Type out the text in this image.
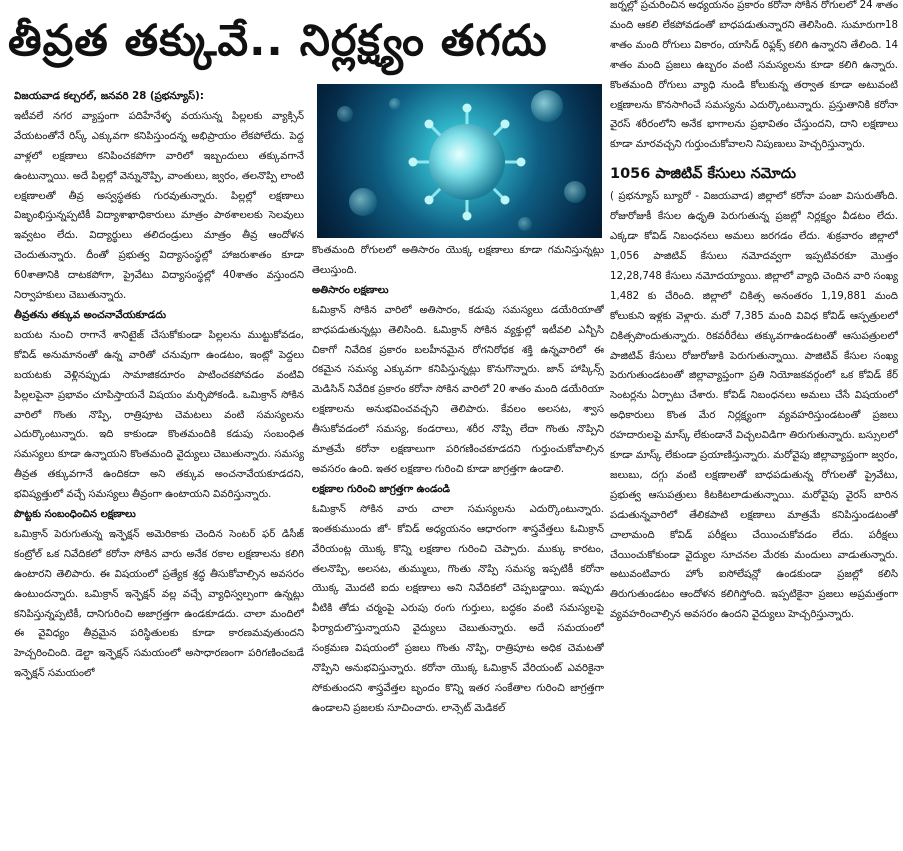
తీవ్రత తక్కువే.. నిర్లక్ష్యం తగదు

విజయవాడ కల్చరల్, జనవరి 28 (ప్రభన్యూస్):

ఇటీవలే నగర వ్యాప్తంగా పదిహేనేళ్ళ వయసున్న పిల్లలకు వ్యాక్సిన్ వేయటంతోనే రిస్క్ ఎక్కువగా కనిపిస్తుందన్న అభిప్రాయం లేకపోలేదు. పెద్ద వాళ్లలో లక్షణాలు కనిపించకపోగా వారిలో ఇబ్బందులు తక్కువగానే ఉంటున్నాయి. అదే పిల్లల్లో వెన్నునొప్పి, వాంతులు, జ్వరం, తలనొప్పి లాంటి లక్షణాలతో తీవ్ర అస్వస్థతకు గురవుతున్నారు. పిల్లల్లో లక్షణాలు విజృంభిస్తున్నప్పటికీ విద్యాశాఖాధికారులు మాత్రం పాఠశాలలకు సెలవులు ఇవ్వటం లేదు. విద్యార్థులు తలిదండ్రులు మాత్రం తీవ్ర ఆందోళన చెందుతున్నారు. దీంతో ప్రభుత్వ విద్యాసంస్థల్లో హాజరుశాతం కూడా 60శాతానికి దాటకపోగా, ప్రైవేటు విద్యాసంస్థల్లో 40శాతం వస్తుందని నిర్వాహకులు చెబుతున్నారు.

తీవ్రతను తక్కువ అంచనావేయకూడదు

బయట నుంచి రాగానే శానిటైజ్ చేసుకోకుండా పిల్లలను ముట్టుకోవడం, కోవిడ్ అనుమానంతో ఉన్న వారితో చనువుగా ఉండటం, ఇంట్లో పెద్దలు బయటకు వెళ్లినప్పుడు సామాజికదూరం పాటించకపోవడం వంటివి పిల్లలపైనా ప్రభావం చూపిస్తాయనే విషయం మర్చిపోకండి. ఒమిక్రాన్ సోకిన వారిలో గొంతు నొప్పి, రాత్రిపూట చెమటలు వంటి సమస్యలను ఎదుర్కొంటున్నారు. ఇది కాకుండా కొంతమందికి కడుపు సంబంధిత సమస్యలు కూడా ఉన్నాయని కొంతమంది వైద్యులు చెబుతున్నారు. సమస్య తీవ్రత తక్కువగానే ఉందికదా అని తక్కువ అంచనావేయకూడదని, భవిష్యత్తులో వచ్చే సమస్యలు తీవ్రంగా ఉంటాయని వివరిస్తున్నారు.

పొట్టకు సంబంధించిన లక్షణాలు

ఒమిక్రాన్ పెరుగుతున్న ఇన్ఫెక్షన్ అమెరికాకు చెందిన సెంటర్ ఫర్ డిసీజ్ కంట్రోల్ ఒక నివేదికలో కరోనా సోకిన వారు అనేక రకాల లక్షణాలను కలిగి ఉంటారని తెలిపారు. ఈ విషయంలో ప్రత్యేక శ్రద్ధ తీసుకోవాల్సిన అవసరం ఉంటుందన్నారు. ఒమిక్రాన్ ఇన్ఫెక్షన్ వల్ల వచ్చే వ్యాధిస్వల్పంగా ఉన్నట్లు కనిపిస్తున్నప్పటికీ, దానిగురించి అజాగ్రత్తగా ఉండకూడదు. చాలా మందిలో ఈ వైవిధ్యం తీవ్రమైన పరిస్థితులకు కూడా కారణమవుతుందని హెచ్చరించింది. డెల్టా ఇన్ఫెక్షన్ సమయంలో అసాధారణంగా పరిగణించబడే ఇన్ఫెక్షన్ సమయంలో

కొంతమంది రోగులలో అతిసారం యొక్క లక్షణాలు కూడా గమనిస్తున్నట్లు తెలుస్తుంది.

అతిసారం లక్షణాలు

ఓమిక్రాన్ సోకిన వారిలో అతిసారం, కడుపు సమస్యలు డయేరియాతో బాధపడుతున్నట్లు తెలిసింది. ఓమిక్రాన్ సోకిన వ్యక్తుల్లో ఇటీవలి ఎన్బీసి చికాగో నివేదిక ప్రకారం బలహీనమైన రోగనిరోధక శక్తి ఉన్నవారిలో ఈ రకమైన సమస్య ఎక్కువగా కనిపిస్తున్నట్లు కొనుగొన్నారు. జాన్ హాప్కిన్స్ మెడిసిన్ నివేదిక ప్రకారం కరోనా సోకిన వారిలో 20 శాతం మంది డయేరియా లక్షణాలను అనుభవించవచ్చని తెలిపారు. కేవలం అలసట, శ్వాస తీసుకోవడంలో సమస్య, కండరాలు, శరీర నొప్పి లేదా గొంతు నొప్పిని మాత్రమే కరోనా లక్షణాలుగా పరిగణించకూడదని గుర్తుంచుకోవాల్సిన అవసరం ఉంది. ఇతర లక్షణాల గురించి కూడా జాగ్రత్తగా ఉండాలి.

లక్షణాల గురించి జాగ్రత్తగా ఉండండి

ఓమిక్రాన్ సోకిన వారు చాలా సమస్యలను ఎదుర్కొంటున్నారు. ఇంతకుముందు జో- కోవిడ్ అధ్యయనం ఆధారంగా శాస్త్రవేత్తలు ఓమిక్రాన్ వేరియంట్ల యొక్క కొన్ని లక్షణాల గురించి చెప్పారు. ముక్కు కారటం, తలనొప్పి, అలసట, తుమ్ములు, గొంతు నొప్పి సమస్య ఇప్పటికీ కరోనా యొక్క మొదటి ఐదు లక్షణాలు అని నివేదికలో చెప్పబడ్డాయి. ఇప్పుడు వీటికి తోడు చర్మంపై ఎరుపు రంగు గుర్తులు, బద్ధకం వంటి సమస్యలపై ఫిర్యాదులొస్తున్నాయని వైద్యులు చెబుతున్నారు. అదే సమయంలో సంక్రమణ విషయంలో ప్రజలు గొంతు నొప్పి, రాత్రిపూట అధిక చెమటతో నొప్పిని అనుభవిస్తున్నారు. కరోనా యొక్క ఓమిక్రాన్ వేరియంట్ ఎవరికైనా సోకుతుందని శాస్త్రవేత్తల బృందం కొన్ని ఇతర సంకేతాల గురించి జాగ్రత్తగా ఉండాలని ప్రజలకు సూచించారు. లాన్సెట్ మెడికల్

జర్నల్లో ప్రచురించిన అధ్యయనం ప్రకారం కరోనా సోకిన రోగులలో 24 శాతం మంది ఆకలి లేకపోవడంతో బాధపడుతున్నారని తెలిసింది. సుమారుగా18 శాతం మంది రోగులు వికారం, యాసిడ్ రిఫ్లక్స్ కలిగి ఉన్నారని తేలింది. 14 శాతం మంది ప్రజలు ఉబ్బరం వంటి సమస్యలను కూడా కలిగి ఉన్నారు. కొంతమంది రోగులు వ్యాధి నుండి కోలుకున్న తర్వాత కూడా అటువంటి లక్షణాలను కొనసాగించే సమస్యను ఎదుర్కొంటున్నారు. ప్రస్తుతానికి కరోనా వైరస్ శరీరంలోని అనేక భాగాలను ప్రభావితం చేస్తుందని, దాని లక్షణాలు కూడా మారవచ్చని గుర్తుంచుకోవాలని నిపుణులు హెచ్చరిస్తున్నారు.

1056 పాజిటివ్ కేసులు నమోదు

( ప్రభన్యూస్ బ్యూరో - విజయవాడ) జిల్లాలో కరోనా పంజా విసురుతోంది. రోజురోజుకీ కేసుల ఉధృతి పెరుగుతున్న ప్రజల్లో నిర్లక్ష్యం వీడటం లేదు. ఎక్కడా కోవిడ్ నిబంధనలు అమలు జరగడం లేదు. శుక్రవారం జిల్లాలో 1,056 పాజిటివ్ కేసులు నమోదవ్వగా ఇప్పటివరకూ మొత్తం 12,28,748 కేసులు నమోదయ్యాయి. జిల్లాలో వ్యాధి చెందిన వారి సంఖ్య 1,482 కు చేరింది. జిల్లాలో చికిత్స అనంతరం 1,19,881 మంది కోలుకుని ఇళ్లకు వెళ్లారు. మరో 7,385 మంది వివిధ కోవిడ్ ఆస్పత్రులలో చికిత్సపొందుతున్నారు. రికవరీరేటు తక్కువగాఉండటంతో ఆసుపత్రులలో పాజిటివ్ కేసులు రోజురోజుకి పెరుగుతున్నాయి. పాజిటివ్ కేసుల సంఖ్య పెరుగుతుండటంతో జిల్లావ్యాప్తంగా ప్రతి నియోజకవర్గంలో ఒక కోవిడ్ కేర్ సెంటర్లను ఏర్పాటు చేశారు. కోవిడ్ నిబంధనలు అమలు చేసే విషయంలో అధికారులు కొంత మేర నిర్లక్ష్యంగా వ్యవహరిస్తుండటంతో ప్రజలు రహదారులపై మాస్క్ లేకుండానే విచ్చలవిడిగా తిరుగుతున్నారు. బస్సులలో కూడా మాస్క్ లేకుండా ప్రయాణిస్తున్నారు. మరోవైపు జిల్లావ్యాప్తంగా జ్వరం, జలుబు, దగ్గు వంటి లక్షణాలతో బాధపడుతున్న రోగులతో ప్రైవేటు, ప్రభుత్వ ఆసుపత్రులు కిటకిటలాడుతున్నాయి. మరోవైపు వైరస్ బారిన పడుతున్నవారిలో తేలికపాటి లక్షణాలు మాత్రమే కనిపిస్తుండటంతో చాలామంది కోవిడ్ పరీక్షలు చేయించుకోవడం లేదు. పరీక్షలు చేయించుకోకుండా వైద్యుల సూచనల మేరకు మందులు వాడుతున్నారు. అటువంటివారు హోం ఐసోలేషన్లో ఉండకుండా ప్రజల్లో కలిసి తిరుగుతుండటం ఆందోళన కలిగిస్తోంది. ఇప్పటికైనా ప్రజలు అప్రమత్తంగా వ్యవహరించాల్సిన అవసరం ఉందని వైద్యులు హెచ్చరిస్తున్నారు.
